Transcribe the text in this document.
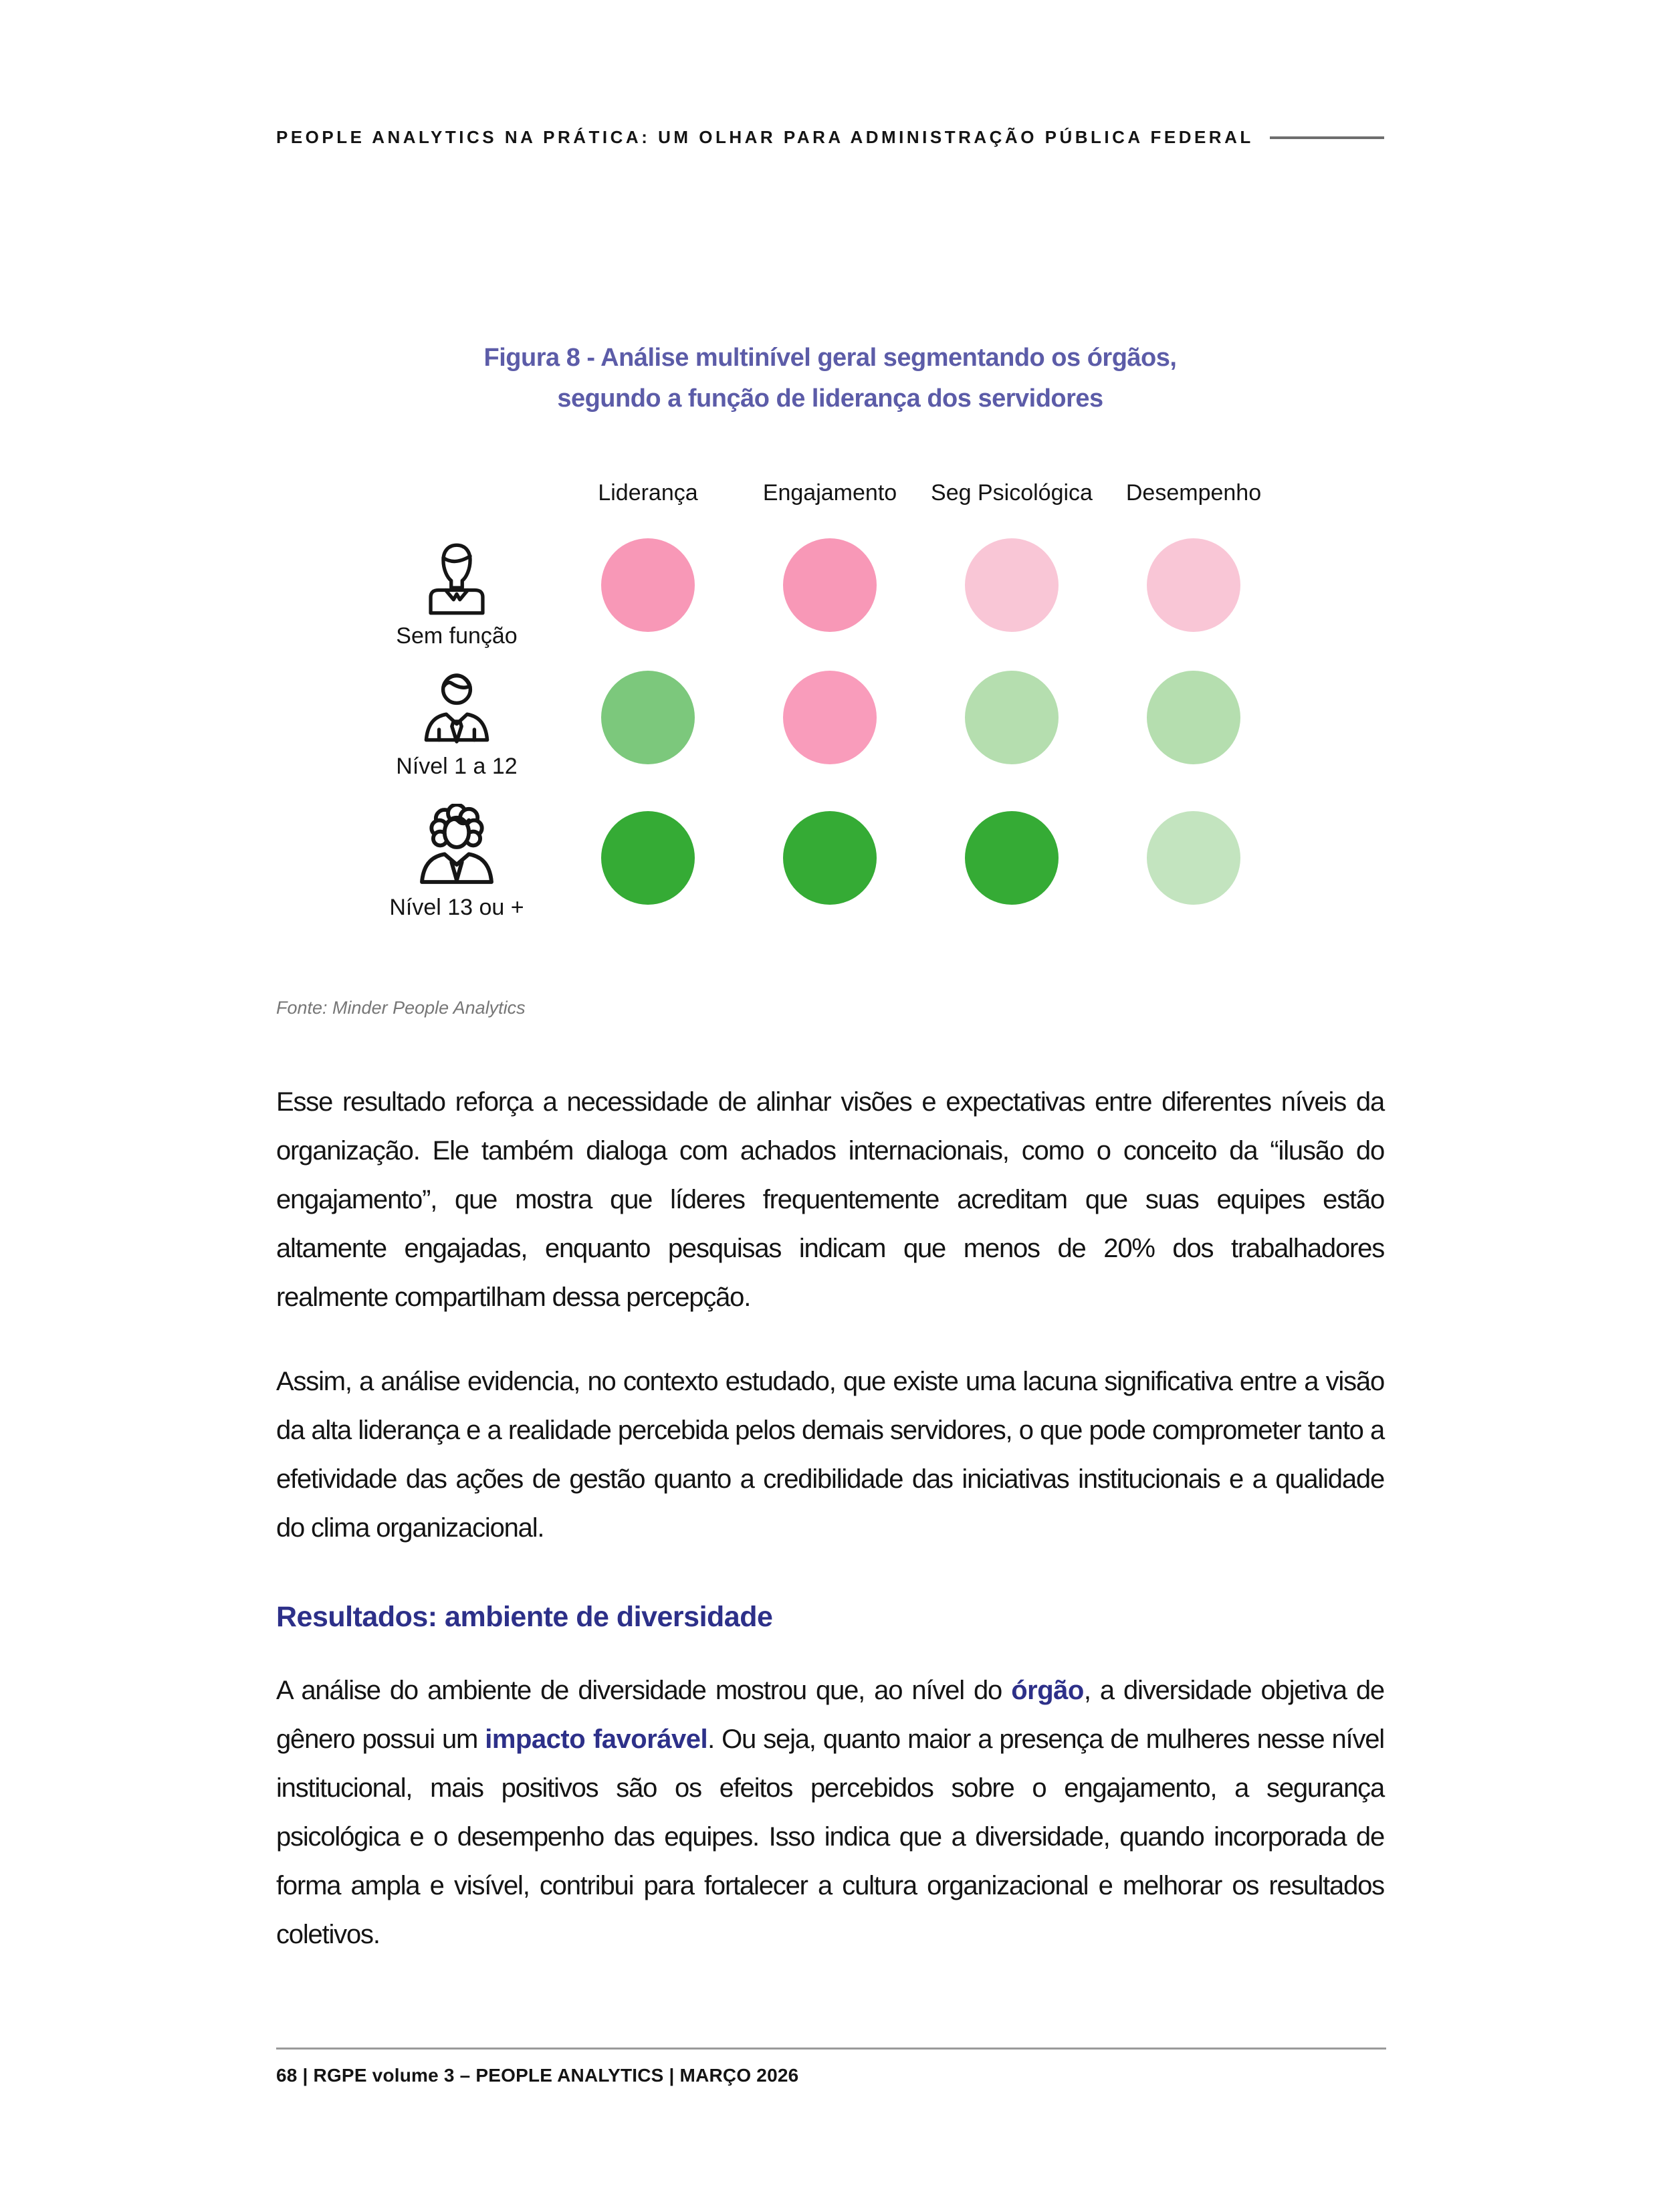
PEOPLE ANALYTICS NA PRÁTICA: UM OLHAR PARA ADMINISTRAÇÃO PÚBLICA FEDERAL
Figura 8 - Análise multinível geral segmentando os órgãos,
segundo a função de liderança dos servidores
Liderança	Engajamento	Seg Psicológica	Desempenho
Sem função
Nível 1 a 12
Nível 13 ou +
Fonte: Minder People Analytics

Esse resultado reforça a necessidade de alinhar visões e expectativas entre diferentes níveis da organização. Ele também dialoga com achados internacionais, como o conceito da “ilusão do engajamento”, que mostra que líderes frequentemente acreditam que suas equipes estão altamente engajadas, enquanto pesquisas indicam que menos de 20% dos trabalhadores realmente compartilham dessa percepção.

Assim, a análise evidencia, no contexto estudado, que existe uma lacuna significativa entre a visão da alta liderança e a realidade percebida pelos demais servidores, o que pode comprometer tanto a efetividade das ações de gestão quanto a credibilidade das iniciativas institucionais e a qualidade do clima organizacional.

Resultados: ambiente de diversidade

A análise do ambiente de diversidade mostrou que, ao nível do órgão, a diversidade objetiva de gênero possui um impacto favorável. Ou seja, quanto maior a presença de mulheres nesse nível institucional, mais positivos são os efeitos percebidos sobre o engajamento, a segurança psicológica e o desempenho das equipes. Isso indica que a diversidade, quando incorporada de forma ampla e visível, contribui para fortalecer a cultura organizacional e melhorar os resultados coletivos.

68 | RGPE volume 3 – PEOPLE ANALYTICS | MARÇO 2026
